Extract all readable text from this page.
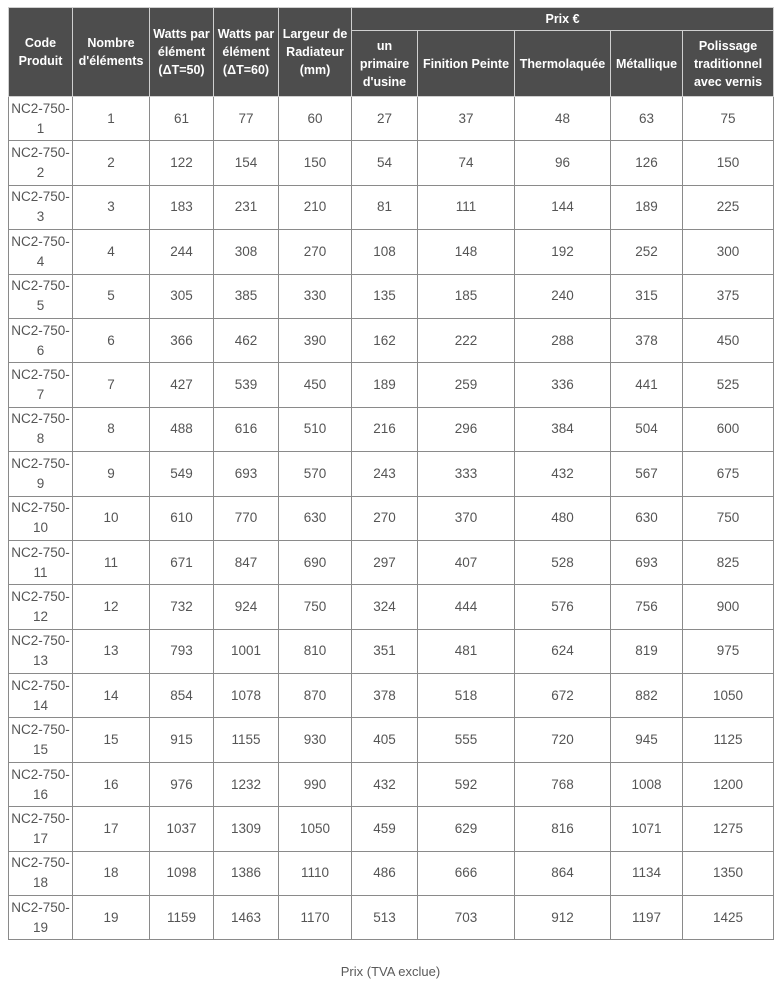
Code Produit	Nombre d'éléments	Watts par élément (ΔT=50)	Watts par élément (ΔT=60)	Largeur de Radiateur (mm)	Prix €				
					un primaire d'usine	Finition Peinte	Thermolaquée	Métallique	Polissage traditionnel avec vernis
NC2-750-1	1	61	77	60	27	37	48	63	75
NC2-750-2	2	122	154	150	54	74	96	126	150
NC2-750-3	3	183	231	210	81	111	144	189	225
NC2-750-4	4	244	308	270	108	148	192	252	300
NC2-750-5	5	305	385	330	135	185	240	315	375
NC2-750-6	6	366	462	390	162	222	288	378	450
NC2-750-7	7	427	539	450	189	259	336	441	525
NC2-750-8	8	488	616	510	216	296	384	504	600
NC2-750-9	9	549	693	570	243	333	432	567	675
NC2-750-10	10	610	770	630	270	370	480	630	750
NC2-750-11	11	671	847	690	297	407	528	693	825
NC2-750-12	12	732	924	750	324	444	576	756	900
NC2-750-13	13	793	1001	810	351	481	624	819	975
NC2-750-14	14	854	1078	870	378	518	672	882	1050
NC2-750-15	15	915	1155	930	405	555	720	945	1125
NC2-750-16	16	976	1232	990	432	592	768	1008	1200
NC2-750-17	17	1037	1309	1050	459	629	816	1071	1275
NC2-750-18	18	1098	1386	1110	486	666	864	1134	1350
NC2-750-19	19	1159	1463	1170	513	703	912	1197	1425
Prix (TVA exclue)
